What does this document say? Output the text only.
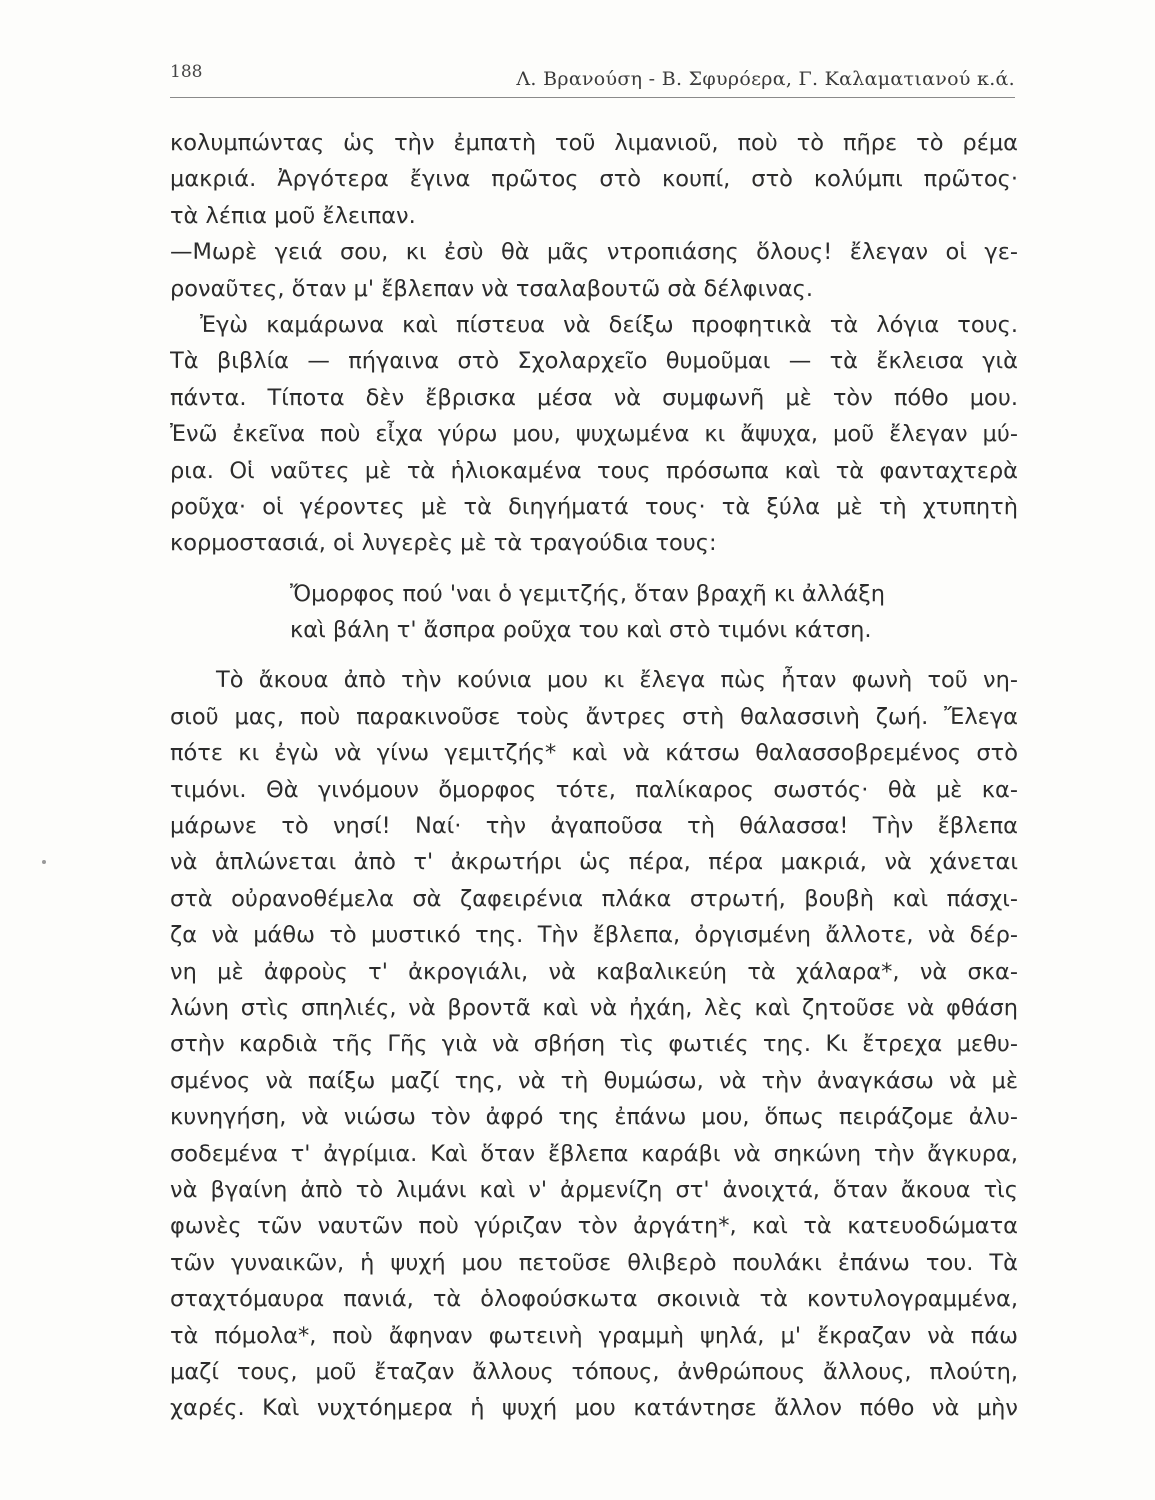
188	Λ. Βρανούση - Β. Σφυρόερα, Γ. Καλαματιανού κ.ά.
κολυμπώντας ὡς τὴν ἐμπατὴ τοῦ λιμανιοῦ, ποὺ τὸ πῆρε τὸ ρέμα
μακριά. Ἀργότερα ἔγινα πρῶτος στὸ κουπί, στὸ κολύμπι πρῶτος·
τὰ λέπια μοῦ ἔλειπαν.
—Μωρὲ γειά σου, κι ἐσὺ θὰ μᾶς ντροπιάσης ὅλους! ἔλεγαν οἱ γε-
ροναῦτες, ὅταν μ' ἔβλεπαν νὰ τσαλαβουτῶ σὰ δέλφινας.
Ἐγὼ καμάρωνα καὶ πίστευα νὰ δείξω προφητικὰ τὰ λόγια τους.
Τὰ βιβλία — πήγαινα στὸ Σχολαρχεῖο θυμοῦμαι — τὰ ἔκλεισα γιὰ
πάντα. Τίποτα δὲν ἔβρισκα μέσα νὰ συμφωνῆ μὲ τὸν πόθο μου.
Ἐνῶ ἐκεῖνα ποὺ εἶχα γύρω μου, ψυχωμένα κι ἄψυχα, μοῦ ἔλεγαν μύ-
ρια. Οἱ ναῦτες μὲ τὰ ἡλιοκαμένα τους πρόσωπα καὶ τὰ φανταχτερὰ
ροῦχα· οἱ γέροντες μὲ τὰ διηγήματά τους· τὰ ξύλα μὲ τὴ χτυπητὴ
κορμοστασιά, οἱ λυγερὲς μὲ τὰ τραγούδια τους:
Ὄμορφος πού 'ναι ὁ γεμιτζής, ὅταν βραχῆ κι ἀλλάξη
καὶ βάλη τ' ἄσπρα ροῦχα του καὶ στὸ τιμόνι κάτση.
Τὸ ἄκουα ἀπὸ τὴν κούνια μου κι ἔλεγα πὼς ἦταν φωνὴ τοῦ νη-
σιοῦ μας, ποὺ παρακινοῦσε τοὺς ἄντρες στὴ θαλασσινὴ ζωή. Ἔλεγα
πότε κι ἐγὼ νὰ γίνω γεμιτζής* καὶ νὰ κάτσω θαλασσοβρεμένος στὸ
τιμόνι. Θὰ γινόμουν ὄμορφος τότε, παλίκαρος σωστός· θὰ μὲ κα-
μάρωνε τὸ νησί! Ναί· τὴν ἀγαποῦσα τὴ θάλασσα! Τὴν ἔβλεπα
νὰ ἁπλώνεται ἀπὸ τ' ἀκρωτήρι ὡς πέρα, πέρα μακριά, νὰ χάνεται
στὰ οὐρανοθέμελα σὰ ζαφειρένια πλάκα στρωτή, βουβὴ καὶ πάσχι-
ζα νὰ μάθω τὸ μυστικό της. Τὴν ἔβλεπα, ὀργισμένη ἄλλοτε, νὰ δέρ-
νη μὲ ἀφροὺς τ' ἀκρογιάλι, νὰ καβαλικεύη τὰ χάλαρα*, νὰ σκα-
λώνη στὶς σπηλιές, νὰ βροντᾶ καὶ νὰ ἠχάη, λὲς καὶ ζητοῦσε νὰ φθάση
στὴν καρδιὰ τῆς Γῆς γιὰ νὰ σβήση τὶς φωτιές της. Κι ἔτρεχα μεθυ-
σμένος νὰ παίξω μαζί της, νὰ τὴ θυμώσω, νὰ τὴν ἀναγκάσω νὰ μὲ
κυνηγήση, νὰ νιώσω τὸν ἀφρό της ἐπάνω μου, ὅπως πειράζομε ἀλυ-
σοδεμένα τ' ἀγρίμια. Καὶ ὅταν ἔβλεπα καράβι νὰ σηκώνη τὴν ἄγκυρα,
νὰ βγαίνη ἀπὸ τὸ λιμάνι καὶ ν' ἀρμενίζη στ' ἀνοιχτά, ὅταν ἄκουα τὶς
φωνὲς τῶν ναυτῶν ποὺ γύριζαν τὸν ἀργάτη*, καὶ τὰ κατευοδώματα
τῶν γυναικῶν, ἡ ψυχή μου πετοῦσε θλιβερὸ πουλάκι ἐπάνω του. Τὰ
σταχτόμαυρα πανιά, τὰ ὁλοφούσκωτα σκοινιὰ τὰ κοντυλογραμμένα,
τὰ πόμολα*, ποὺ ἄφηναν φωτεινὴ γραμμὴ ψηλά, μ' ἔκραζαν νὰ πάω
μαζί τους, μοῦ ἔταζαν ἄλλους τόπους, ἀνθρώπους ἄλλους, πλούτη,
χαρές. Καὶ νυχτόημερα ἡ ψυχή μου κατάντησε ἄλλον πόθο νὰ μὴν
